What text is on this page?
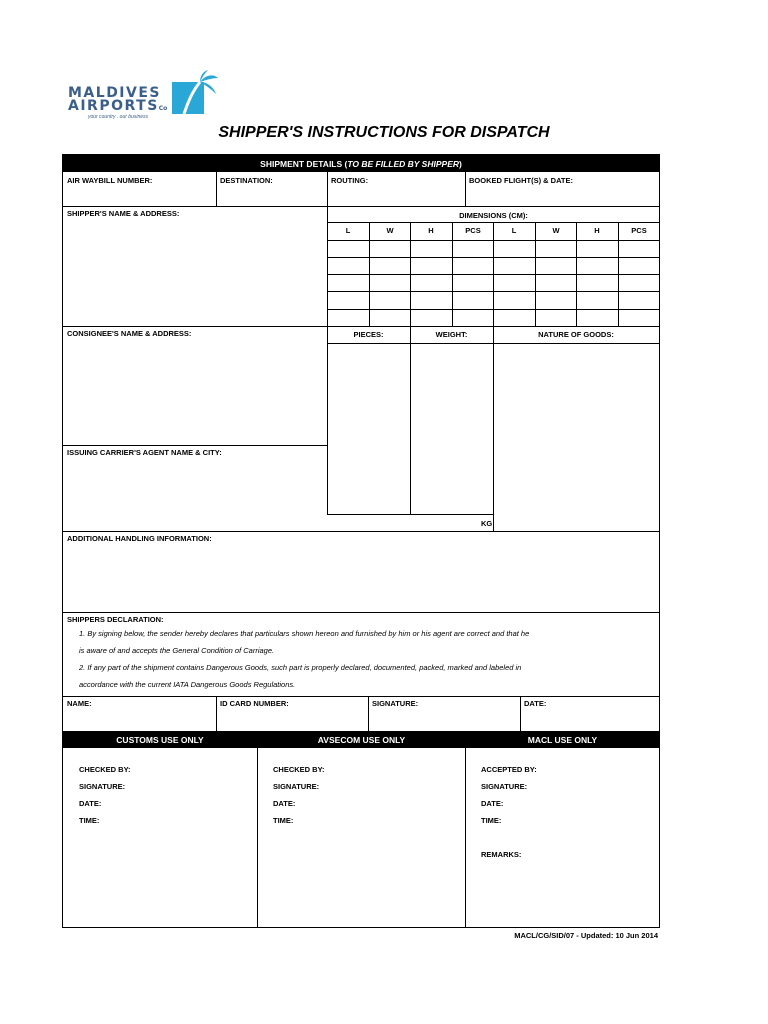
MALDIVES
AIRPORTSCo
your country . our business
SHIPPER'S INSTRUCTIONS FOR DISPATCH
SHIPMENT DETAILS ( TO BE FILLED BY SHIPPER )
AIR WAYBILL NUMBER:	DESTINATION:	ROUTING:	BOOKED FLIGHT(S) & DATE:
SHIPPER'S NAME & ADDRESS:	DIMENSIONS (CM):
L	W	H	PCS	L	W	H	PCS
CONSIGNEE'S NAME & ADDRESS:	PIECES:	WEIGHT:	NATURE OF GOODS:
ISSUING CARRIER'S AGENT NAME & CITY:
KG
ADDITIONAL HANDLING INFORMATION:
SHIPPERS DECLARATION:
1. By signing below, the sender hereby declares that particulars shown hereon and furnished by him or his agent are correct and that he
is aware of and accepts the General Condition of Carriage.
2. If any part of the shipment contains Dangerous Goods, such part is properly declared, documented, packed, marked and labeled in
accordance with the current IATA Dangerous Goods Regulations.
NAME:	ID CARD NUMBER:	SIGNATURE:	DATE:
CUSTOMS USE ONLY	AVSECOM USE ONLY	MACL USE ONLY
CHECKED BY:
SIGNATURE:
DATE:
TIME:
CHECKED BY:
SIGNATURE:
DATE:
TIME:
ACCEPTED BY:
SIGNATURE:
DATE:
TIME:
REMARKS:
MACL/CG/SID/07 - Updated: 10 Jun 2014
